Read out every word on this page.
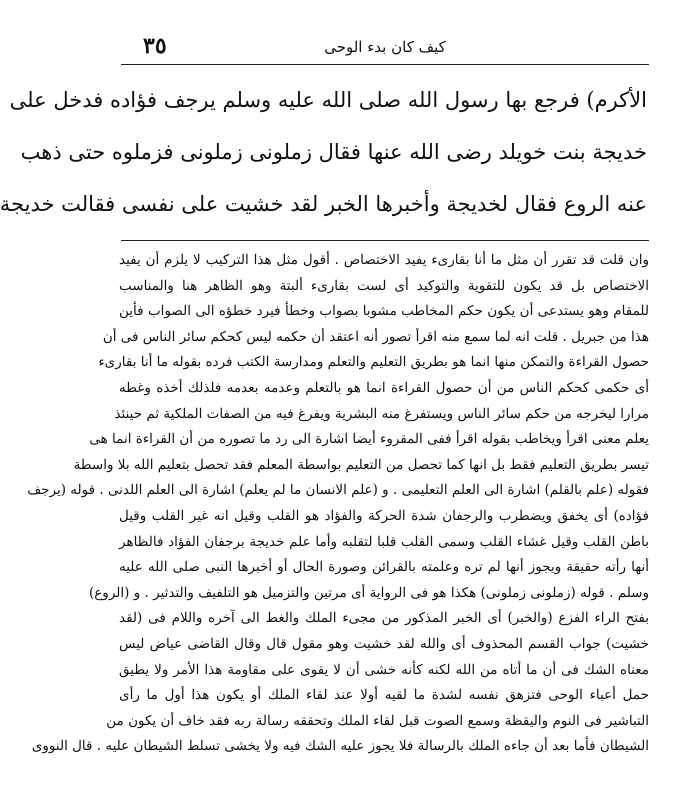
٣٥	كيف كان بدء الوحى
الأكرم) فرجع بها رسول الله صلى الله عليه وسلم يرجف فؤاده فدخل على
خديجة بنت خويلد رضى الله عنها فقال زملونى زملونى فزملوه حتى ذهب
عنه الروع فقال لخديجة وأخبرها الخبر لقد خشيت على نفسى فقالت خديجة
وان قلت قد تقرر أن مثل ما أنا بقارىء يفيد الاختصاص . أقول مثل هذا التركيب لا يلزم أن يفيد
الاختصاص بل قد يكون للتقوية والتوكيد أى لست بقارىء ألبتة وهو الظاهر هنا والمناسب
للمقام وهو يستدعى أن يكون حكم المخاطب مشوبا بصواب وخطأ فيرد خطؤه الى الصواب فأين
هذا من جبريل . قلت انه لما سمع منه اقرأ تصور أنه اعتقد أن حكمه ليس كحكم سائر الناس فى أن
حصول القراءة والتمكن منها انما هو بطريق التعليم والتعلم ومدارسة الكتب فرده بقوله ما أنا بقارىء
أى حكمى كحكم الناس من أن حصول القراءة انما هو بالتعلم وعدمه بعدمه فلذلك أخذه وغطه
مرارا ليخرجه من حكم سائر الناس ويستفرغ منه البشرية ويفرغ فيه من الصفات الملكية ثم حينئذ
يعلم معنى اقرأ ويخاطب بقوله اقرأ ففى المقروء أيضا اشارة الى رد ما تصوره من أن القراءة انما هى
تيسر بطريق التعليم فقط بل انها كما تحصل من التعليم بواسطة المعلم فقد تحصل بتعليم الله بلا واسطة
فقوله (علم بالقلم) اشارة الى العلم التعليمى . و (علم الانسان ما لم يعلم) اشارة الى العلم اللدنى . قوله (يرجف
فؤاده) أى يخفق ويضطرب والرجفان شدة الحركة والفؤاد هو القلب وقيل انه غير القلب وقيل
باطن القلب وقيل غشاء القلب وسمى القلب قلبا لتقلبه وأما علم خديجة برجفان الفؤاد فالظاهر
أنها رأته حقيقة ويجوز أنها لم تره وعلمته بالقرائن وصورة الحال أو أخبرها النبى صلى الله عليه
وسلم . قوله (زملونى زملونى) هكذا هو فى الرواية أى مرتين والتزميل هو التلفيف والتدثير . و (الروع)
بفتح الراء الفزع (والخبر) أى الخبر المذكور من مجىء الملك والغط الى آخره واللام فى (لقد
خشيت) جواب القسم المحذوف أى والله لقد خشيت وهو مقول قال وقال القاضى عياض ليس
معناه الشك فى أن ما أتاه من الله لكنه كأنه خشى أن لا يقوى على مقاومة هذا الأمر ولا يطيق
حمل أعباء الوحى فتزهق نفسه لشدة ما لقيه أولا عند لقاء الملك أو يكون هذا أول ما رأى
التباشير فى النوم واليقظة وسمع الصوت قبل لقاء الملك وتحققه رسالة ربه فقد خاف أن يكون من
الشيطان فأما بعد أن جاءه الملك بالرسالة فلا يجوز عليه الشك فيه ولا يخشى تسلط الشيطان عليه . قال النووى
